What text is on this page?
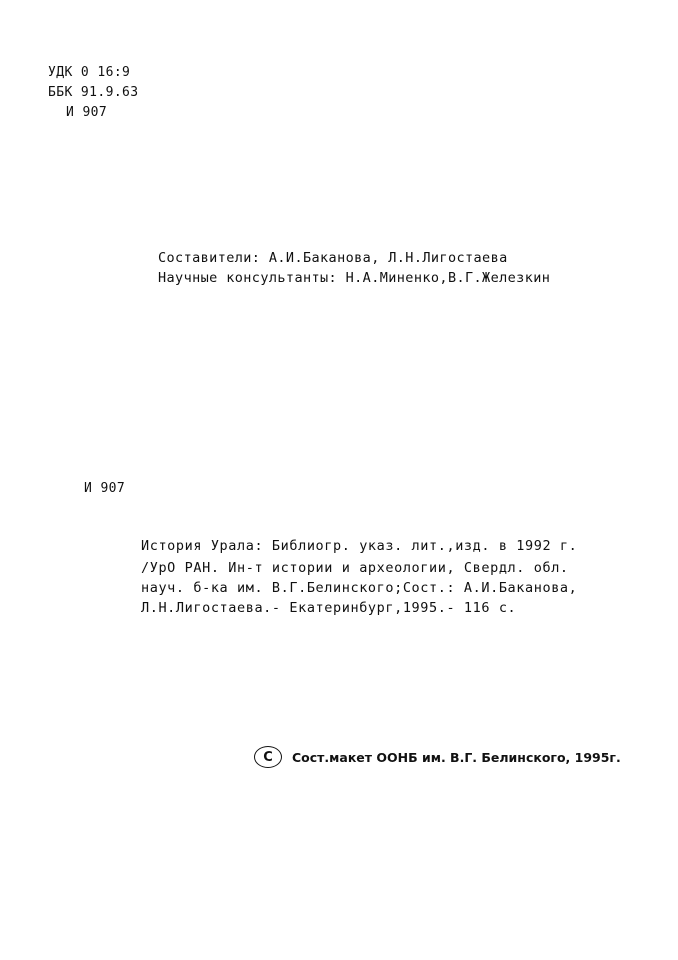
УДК 0 16:9
ББК 91.9.63
И 907
Составители: А.И.Баканова, Л.Н.Лигостаева
Научные консультанты: Н.А.Миненко,В.Г.Железкин
И 907
История Урала: Библиогр. указ. лит.,изд. в 1992 г.
/УрО РАН. Ин-т истории и археологии, Свердл. обл.
науч. б-ка им. В.Г.Белинского;Сост.: А.И.Баканова,
Л.Н.Лигостаева.- Екатеринбург,1995.- 116 с.
C	Сост.макет ООНБ им. В.Г. Белинского, 1995г.
